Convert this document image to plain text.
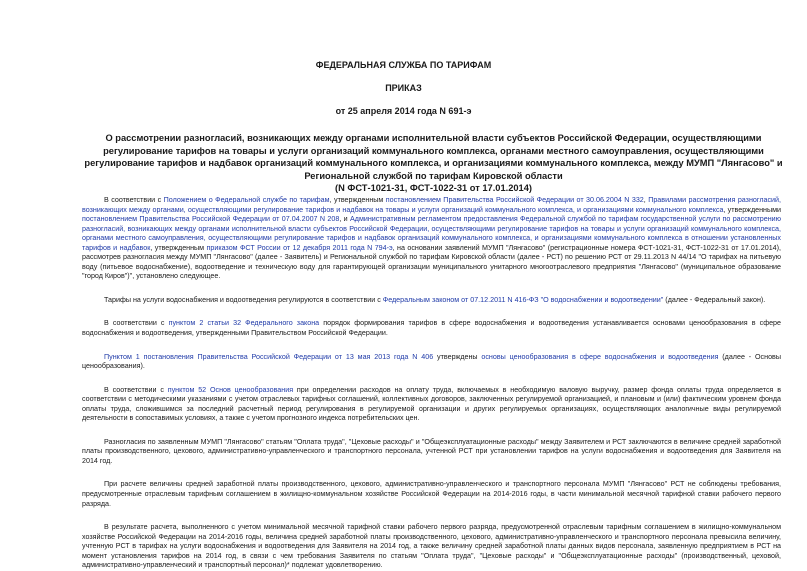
ФЕДЕРАЛЬНАЯ СЛУЖБА ПО ТАРИФАМ
ПРИКАЗ
от 25 апреля 2014 года N 691-э
О рассмотрении разногласий, возникающих между органами исполнительной власти субъектов Российской Федерации, осуществляющими регулирование тарифов на товары и услуги организаций коммунального комплекса, органами местного самоуправления, осуществляющими регулирование тарифов и надбавок организаций коммунального комплекса, и организациями коммунального комплекса, между МУМП "Лянгасово" и Региональной службой по тарифам Кировской области
(N ФСТ-1021-31, ФСТ-1022-31 от 17.01.2014)

В соответствии с Положением о Федеральной службе по тарифам, утвержденным постановлением Правительства Российской Федерации от 30.06.2004 N 332, Правилами рассмотрения разногласий, возникающих между органами, осуществляющими регулирование тарифов и надбавок на товары и услуги организаций коммунального комплекса, и организациями коммунального комплекса, утвержденными постановлением Правительства Российской Федерации от 07.04.2007 N 208, и Административным регламентом предоставления Федеральной службой по тарифам государственной услуги по рассмотрению разногласий, возникающих между органами исполнительной власти субъектов Российской Федерации, осуществляющими регулирование тарифов на товары и услуги организаций коммунального комплекса, органами местного самоуправления, осуществляющими регулирование тарифов и надбавок организаций коммунального комплекса, и организациями коммунального комплекса в отношении установленных тарифов и надбавок, утвержденным приказом ФСТ России от 12 декабря 2011 года N 794-э, на основании заявлений МУМП "Лянгасово" (регистрационные номера ФСТ-1021-31, ФСТ-1022-31 от 17.01.2014), рассмотрев разногласия между МУМП "Лянгасово" (далее - Заявитель) и Региональной службой по тарифам Кировской области (далее - РСТ) по решению РСТ от 29.11.2013 N 44/14 "О тарифах на питьевую воду (питьевое водоснабжение), водоотведение и техническую воду для гарантирующей организации муниципального унитарного многоотраслевого предприятия "Лянгасово" (муниципальное образование "город Киров")", установлено следующее.

Тарифы на услуги водоснабжения и водоотведения регулируются в соответствии с Федеральным законом от 07.12.2011 N 416-ФЗ "О водоснабжении и водоотведении" (далее - Федеральный закон).

В соответствии с пунктом 2 статьи 32 Федерального закона порядок формирования тарифов в сфере водоснабжения и водоотведения устанавливается основами ценообразования в сфере водоснабжения и водоотведения, утвержденными Правительством Российской Федерации.

Пунктом 1 постановления Правительства Российской Федерации от 13 мая 2013 года N 406 утверждены основы ценообразования в сфере водоснабжения и водоотведения (далее - Основы ценообразования).

В соответствии с пунктом 52 Основ ценообразования при определении расходов на оплату труда, включаемых в необходимую валовую выручку, размер фонда оплаты труда определяется в соответствии с методическими указаниями с учетом отраслевых тарифных соглашений, коллективных договоров, заключенных регулируемой организацией, и плановым и (или) фактическим уровнем фонда оплаты труда, сложившимся за последний расчетный период регулирования в регулируемой организации и других регулируемых организациях, осуществляющих аналогичные виды регулируемой деятельности в сопоставимых условиях, а также с учетом прогнозного индекса потребительских цен.

Разногласия по заявленным МУМП "Лянгасово" статьям "Оплата труда", "Цеховые расходы" и "Общеэксплуатационные расходы" между Заявителем и РСТ заключаются в величине средней заработной платы производственного, цехового, административно-управленческого и транспортного персонала, учтенной РСТ при установлении тарифов на услуги водоснабжения и водоотведения для Заявителя на 2014 год.

При расчете величины средней заработной платы производственного, цехового, административно-управленческого и транспортного персонала МУМП "Лянгасово" РСТ не соблюдены требования, предусмотренные отраслевым тарифным соглашением в жилищно-коммунальном хозяйстве Российской Федерации на 2014-2016 годы, в части минимальной месячной тарифной ставки рабочего первого разряда.

В результате расчета, выполненного с учетом минимальной месячной тарифной ставки рабочего первого разряда, предусмотренной отраслевым тарифным соглашением в жилищно-коммунальном хозяйстве Российской Федерации на 2014-2016 годы, величина средней заработной платы производственного, цехового, административно-управленческого и транспортного персонала превысила величину, учтенную РСТ в тарифах на услуги водоснабжения и водоотведения для Заявителя на 2014 год, а также величину средней заработной платы данных видов персонала, заявленную предприятием в РСТ на момент установления тарифов на 2014 год, в связи с чем требования Заявителя по статьям "Оплата труда", "Цеховые расходы" и "Общеэксплуатационные расходы" (производственный, цеховой, административно-управленческий и транспортный персонал)* подлежат удовлетворению.
